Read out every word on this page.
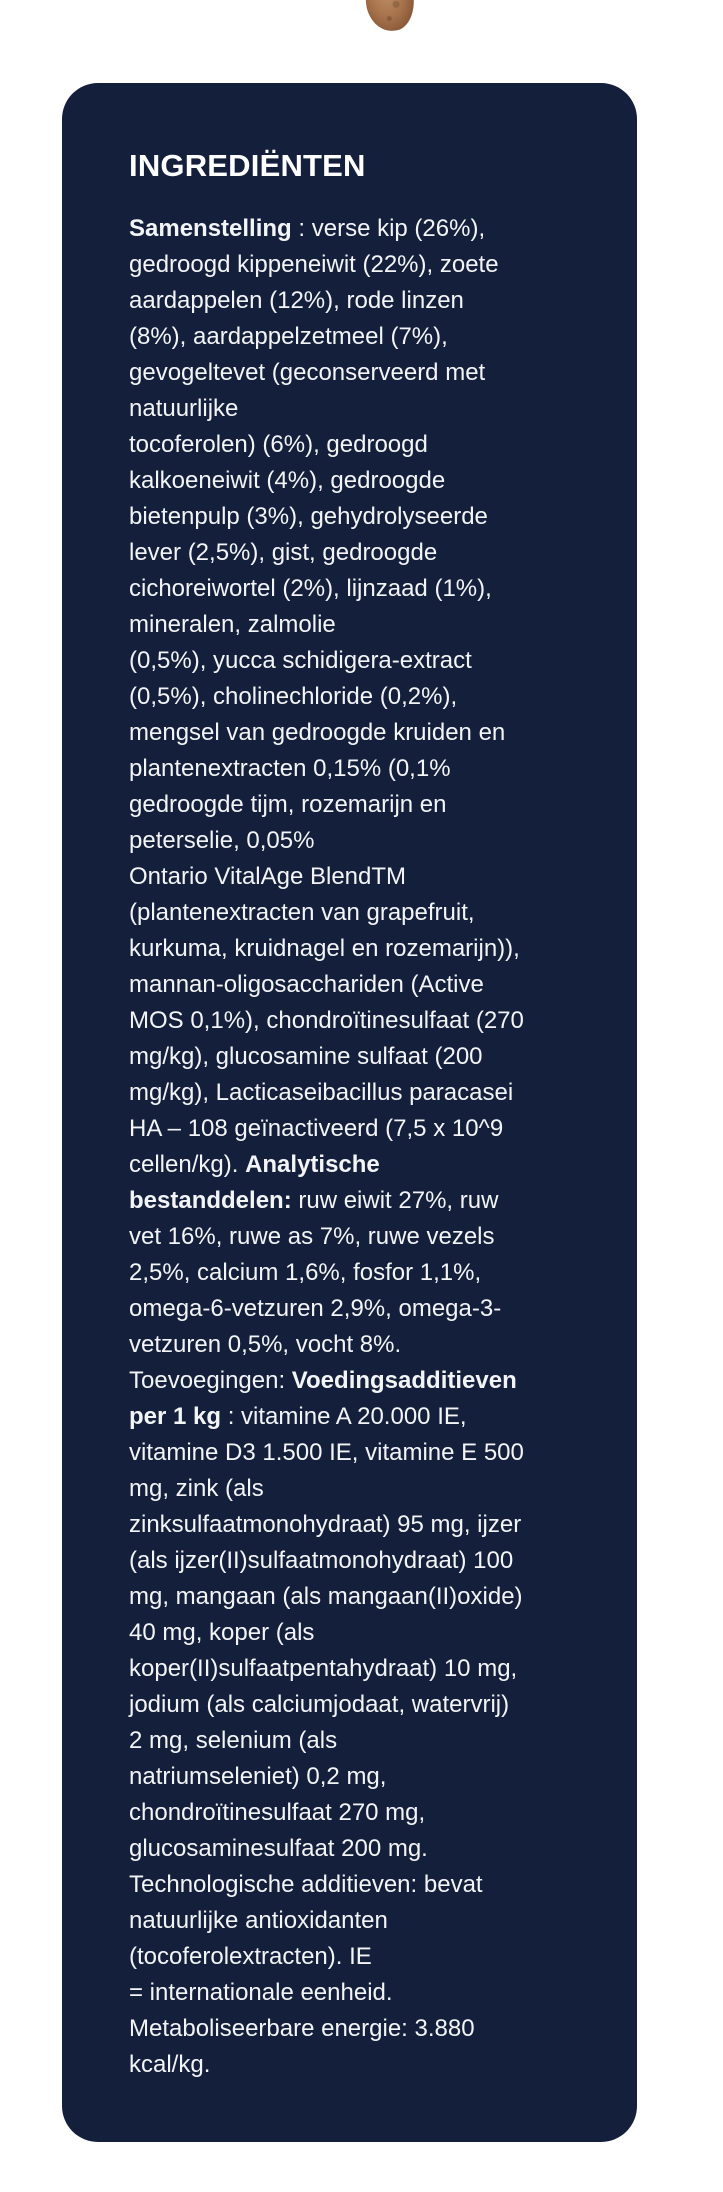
INGREDIËNTEN
Samenstelling : verse kip (26%),
gedroogd kippeneiwit (22%), zoete
aardappelen (12%), rode linzen
(8%), aardappelzetmeel (7%),
gevogeltevet (geconserveerd met
natuurlijke
tocoferolen) (6%), gedroogd
kalkoeneiwit (4%), gedroogde
bietenpulp (3%), gehydrolyseerde
lever (2,5%), gist, gedroogde
cichoreiwortel (2%), lijnzaad (1%),
mineralen, zalmolie
(0,5%), yucca schidigera-extract
(0,5%), cholinechloride (0,2%),
mengsel van gedroogde kruiden en
plantenextracten 0,15% (0,1%
gedroogde tijm, rozemarijn en
peterselie, 0,05%
Ontario VitalAge BlendTM
(plantenextracten van grapefruit,
kurkuma, kruidnagel en rozemarijn)),
mannan-oligosacchariden (Active
MOS 0,1%), chondroïtinesulfaat (270
mg/kg), glucosamine sulfaat (200
mg/kg), Lacticaseibacillus paracasei
HA – 108 geïnactiveerd (7,5 x 10^9
cellen/kg). Analytische
bestanddelen: ruw eiwit 27%, ruw
vet 16%, ruwe as 7%, ruwe vezels
2,5%, calcium 1,6%, fosfor 1,1%,
omega-6-vetzuren 2,9%, omega-3-
vetzuren 0,5%, vocht 8%.
Toevoegingen: Voedingsadditieven
per 1 kg : vitamine A 20.000 IE,
vitamine D3 1.500 IE, vitamine E 500
mg, zink (als
zinksulfaatmonohydraat) 95 mg, ijzer
(als ijzer(II)sulfaatmonohydraat) 100
mg, mangaan (als mangaan(II)oxide)
40 mg, koper (als
koper(II)sulfaatpentahydraat) 10 mg,
jodium (als calciumjodaat, watervrij)
2 mg, selenium (als
natriumseleniet) 0,2 mg,
chondroïtinesulfaat 270 mg,
glucosaminesulfaat 200 mg.
Technologische additieven: bevat
natuurlijke antioxidanten
(tocoferolextracten). IE
= internationale eenheid.
Metaboliseerbare energie: 3.880
kcal/kg.
